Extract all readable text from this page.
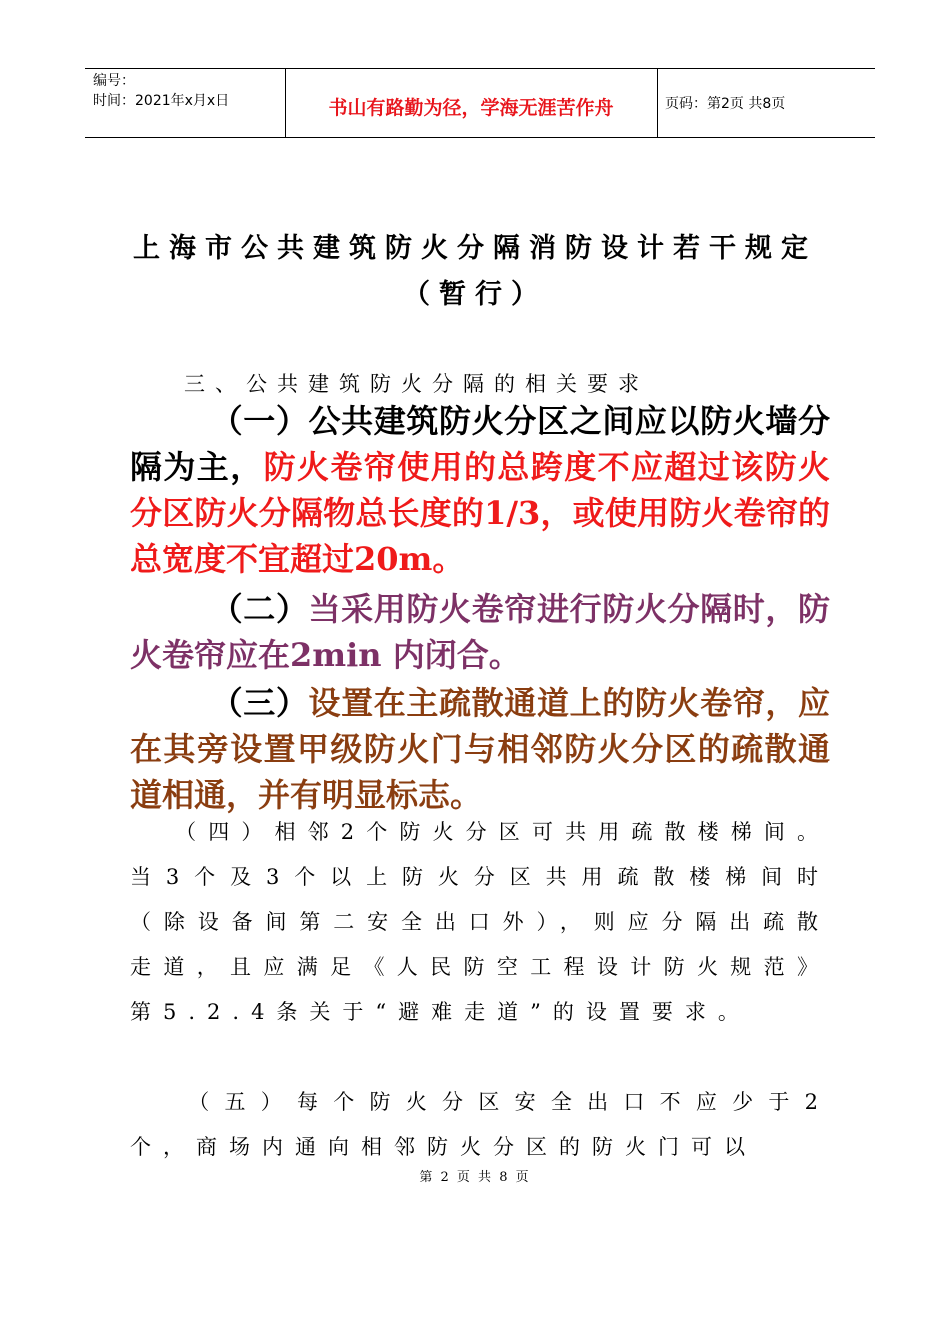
编号：
时间：2021年x月x日	书山有路勤为径，学海无涯苦作舟	页码：第2页 共8页
上海市公共建筑防火分隔消防设计若干规定
（暂行）

三、公共建筑防火分隔的相关要求

（一）公共建筑防火分区之间应以防火墙分隔为主，防火卷帘使用的总跨度不应超过该防火分区防火分隔物总长度的1/3，或使用防火卷帘的总宽度不宜超过20m。

（二）当采用防火卷帘进行防火分隔时，防火卷帘应在2min 内闭合。

（三）设置在主疏散通道上的防火卷帘，应在其旁设置甲级防火门与相邻防火分区的疏散通道相通，并有明显标志。

（四）相邻2个防火分区可共用疏散楼梯间。当3个及3个以上防火分区共用疏散楼梯间时（除设备间第二安全出口外），则应分隔出疏散走道，且应满足《人民防空工程设计防火规范》第5.2.4条关于“避难走道”的设置要求。

（五）每个防火分区安全出口不应少于2个，商场内通向相邻防火分区的防火门可以

第 2 页 共 8 页
